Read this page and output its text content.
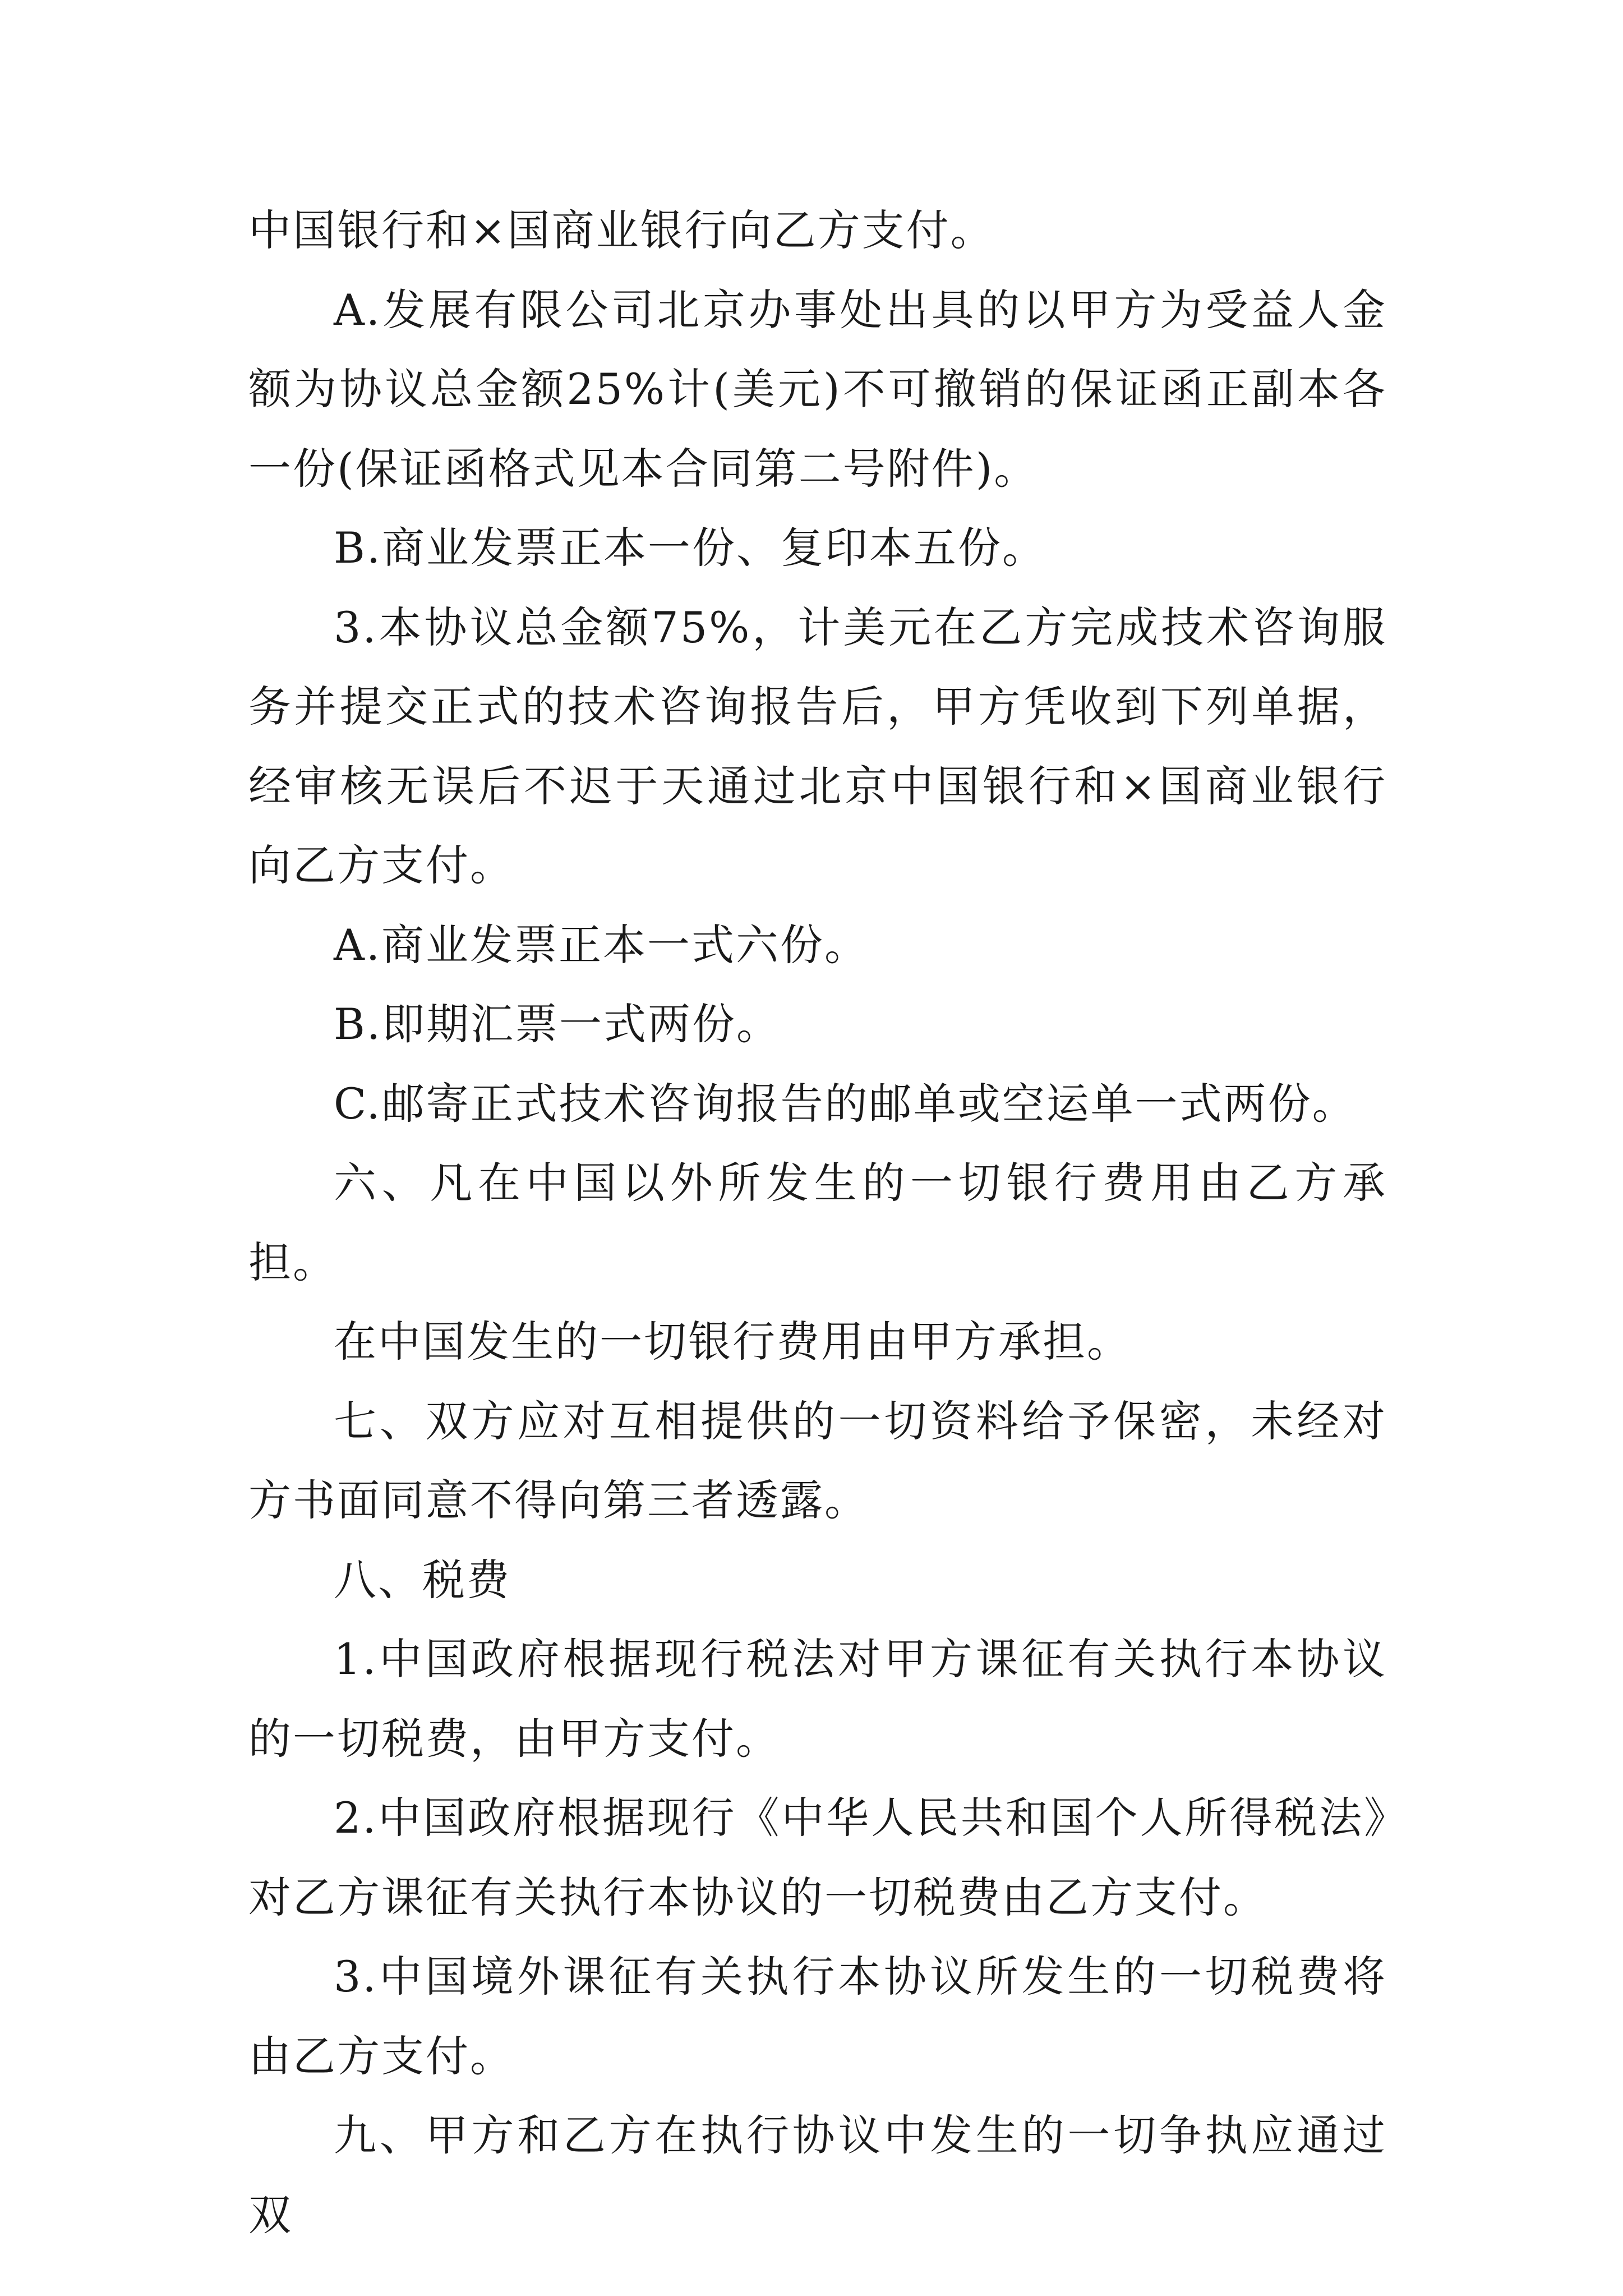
中国银行和×国商业银行向乙方支付。

A.发展有限公司北京办事处出具的以甲方为受益人金额为协议总金额25%计(美元)不可撤销的保证函正副本各一份(保证函格式见本合同第二号附件)。

B.商业发票正本一份、复印本五份。

3.本协议总金额75%，计美元在乙方完成技术咨询服务并提交正式的技术咨询报告后，甲方凭收到下列单据，经审核无误后不迟于天通过北京中国银行和×国商业银行向乙方支付。

A.商业发票正本一式六份。

B.即期汇票一式两份。

C.邮寄正式技术咨询报告的邮单或空运单一式两份。

六、凡在中国以外所发生的一切银行费用由乙方承担。

在中国发生的一切银行费用由甲方承担。

七、双方应对互相提供的一切资料给予保密，未经对方书面同意不得向第三者透露。

八、税费

1.中国政府根据现行税法对甲方课征有关执行本协议的一切税费，由甲方支付。

2.中国政府根据现行《中华人民共和国个人所得税法》对乙方课征有关执行本协议的一切税费由乙方支付。

3.中国境外课征有关执行本协议所发生的一切税费将由乙方支付。

九、甲方和乙方在执行协议中发生的一切争执应通过双
